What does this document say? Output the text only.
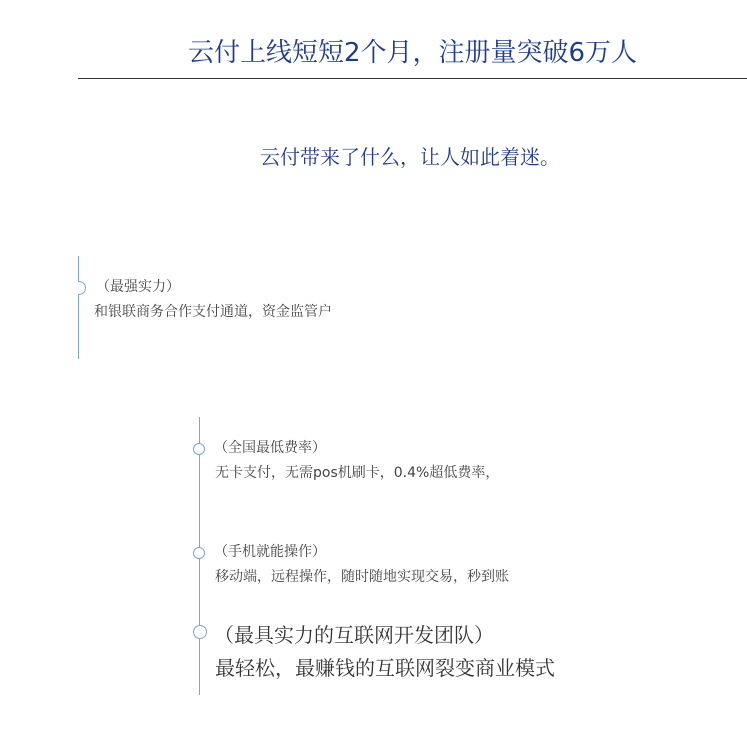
云付上线短短2个月，注册量突破6万人
云付带来了什么，让人如此着迷。
（最强实力）
和银联商务合作支付通道，资金监管户
（全国最低费率）
无卡支付，无需pos机刷卡，0.4%超低费率，
（手机就能操作）
移动端，远程操作，随时随地实现交易，秒到账
（最具实力的互联网开发团队）
最轻松，最赚钱的互联网裂变商业模式
